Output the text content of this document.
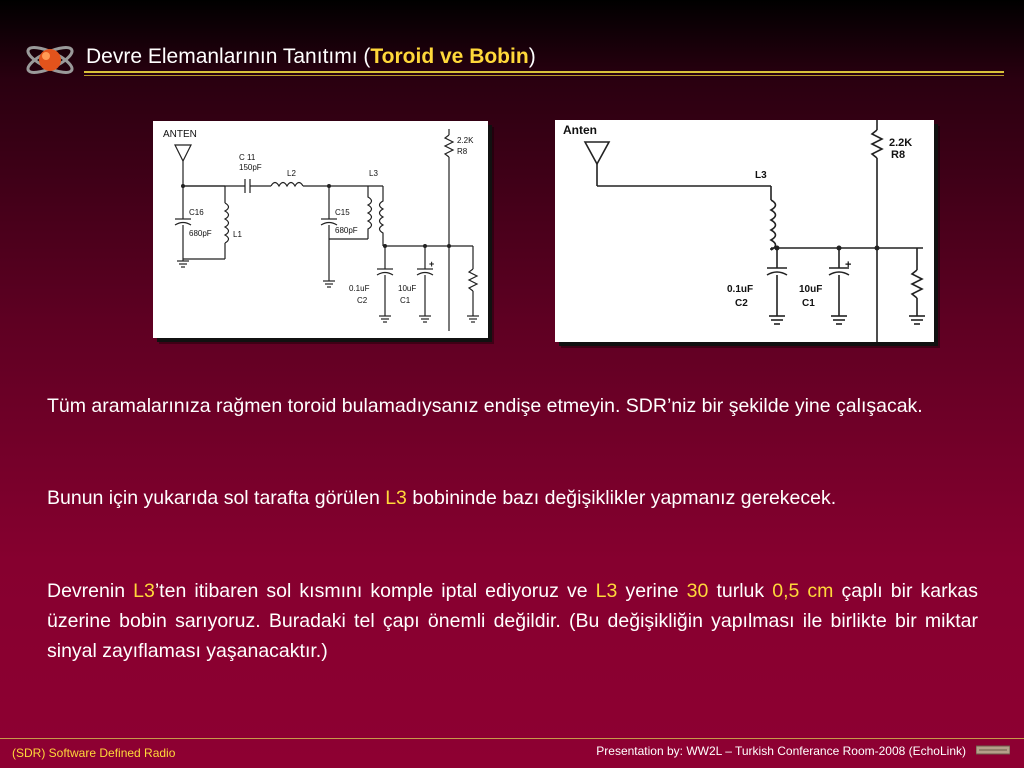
Devre Elemanlarının Tanıtımı (Toroid ve Bobin)
ANTEN
C 11
150pF
L2	L3
C16
680pF	L1
C15
680pF
2.2K
R8
0.1uF
C2
10uF
C1
+
Anten
L3
2.2K
R8
0.1uF
C2
10uF
C1
+

Tüm aramalarınıza rağmen toroid bulamadıysanız endişe etmeyin. SDR’niz bir şekilde yine çalışacak.

Bunun için yukarıda sol tarafta görülen L3 bobininde bazı değişiklikler yapmanız gerekecek.

Devrenin L3’ten itibaren sol kısmını komple iptal ediyoruz ve L3 yerine 30 turluk 0,5 cm çaplı bir karkas üzerine bobin sarıyoruz. Buradaki tel çapı önemli değildir. (Bu değişikliğin yapılması ile birlikte bir miktar sinyal zayıflaması yaşanacaktır.)

(SDR) Software Defined Radio	Presentation by: WW2L – Turkish Conferance Room-2008 (EchoLink)
